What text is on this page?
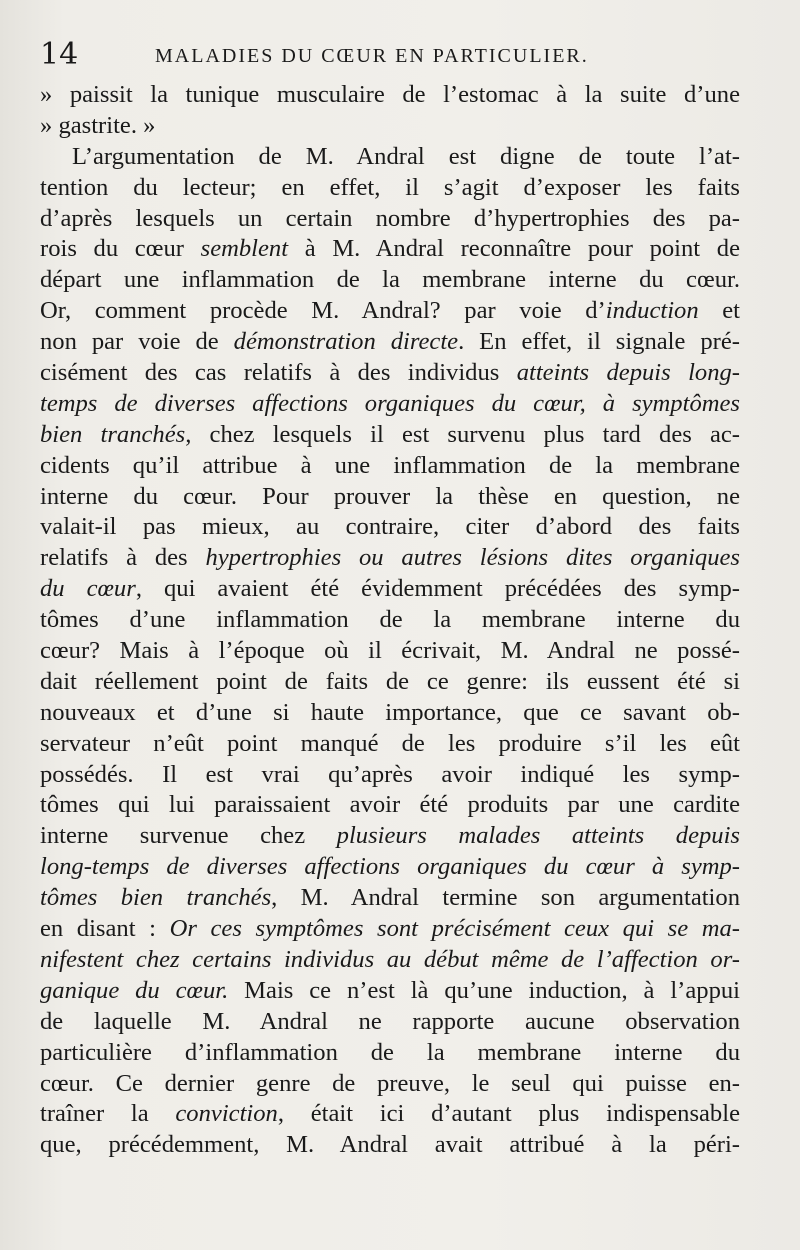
14	MALADIES DU CŒUR EN PARTICULIER.
» paissit la tunique musculaire de l’estomac à la suite d’une
» gastrite. »
L’argumentation de M. Andral est digne de toute l’at-
tention du lecteur; en effet, il s’agit d’exposer les faits
d’après lesquels un certain nombre d’hypertrophies des pa-
rois du cœur semblent à M. Andral reconnaître pour point de
départ une inflammation de la membrane interne du cœur.
Or, comment procède M. Andral? par voie d’induction et
non par voie de démonstration directe. En effet, il signale pré-
cisément des cas relatifs à des individus atteints depuis long-
temps de diverses affections organiques du cœur, à symptômes
bien tranchés, chez lesquels il est survenu plus tard des ac-
cidents qu’il attribue à une inflammation de la membrane
interne du cœur. Pour prouver la thèse en question, ne
valait-il pas mieux, au contraire, citer d’abord des faits
relatifs à des hypertrophies ou autres lésions dites organiques
du cœur, qui avaient été évidemment précédées des symp-
tômes d’une inflammation de la membrane interne du
cœur? Mais à l’époque où il écrivait, M. Andral ne possé-
dait réellement point de faits de ce genre: ils eussent été si
nouveaux et d’une si haute importance, que ce savant ob-
servateur n’eût point manqué de les produire s’il les eût
possédés. Il est vrai qu’après avoir indiqué les symp-
tômes qui lui paraissaient avoir été produits par une cardite
interne survenue chez plusieurs malades atteints depuis
long-temps de diverses affections organiques du cœur à symp-
tômes bien tranchés, M. Andral termine son argumentation
en disant : Or ces symptômes sont précisément ceux qui se ma-
nifestent chez certains individus au début même de l’affection or-
ganique du cœur. Mais ce n’est là qu’une induction, à l’appui
de laquelle M. Andral ne rapporte aucune observation
particulière d’inflammation de la membrane interne du
cœur. Ce dernier genre de preuve, le seul qui puisse en-
traîner la conviction, était ici d’autant plus indispensable
que, précédemment, M. Andral avait attribué à la péri-
